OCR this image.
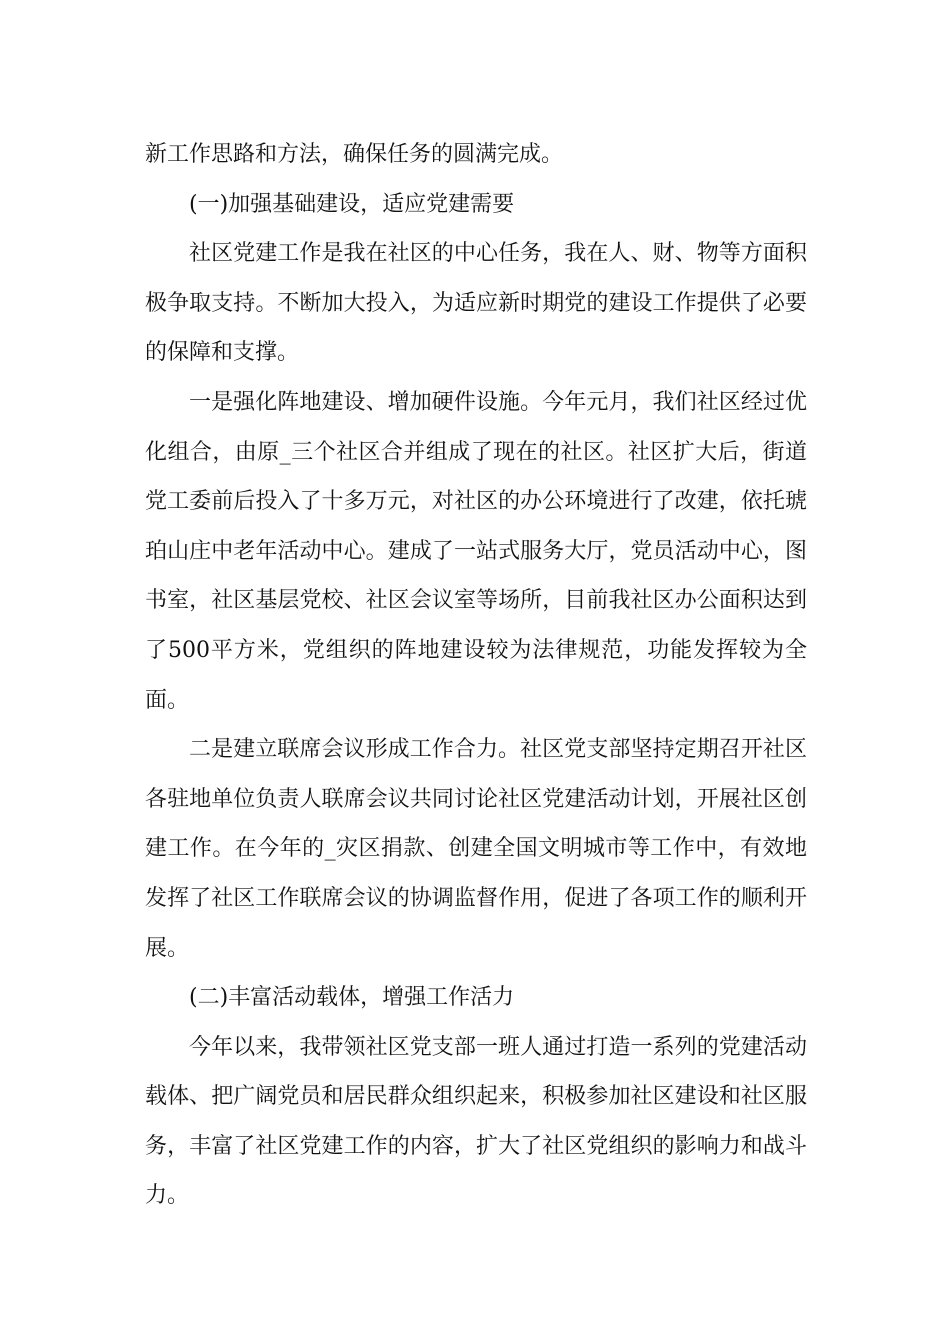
新工作思路和方法，确保任务的圆满完成。

(一)加强基础建设，适应党建需要

社区党建工作是我在社区的中心任务，我在人、财、物等方面积极争取支持。不断加大投入，为适应新时期党的建设工作提供了必要的保障和支撑。

一是强化阵地建设、增加硬件设施。今年元月，我们社区经过优化组合，由原_三个社区合并组成了现在的社区。社区扩大后，街道党工委前后投入了十多万元，对社区的办公环境进行了改建，依托琥珀山庄中老年活动中心。建成了一站式服务大厅，党员活动中心，图书室，社区基层党校、社区会议室等场所，目前我社区办公面积达到了500平方米，党组织的阵地建设较为法律规范，功能发挥较为全面。

二是建立联席会议形成工作合力。社区党支部坚持定期召开社区各驻地单位负责人联席会议共同讨论社区党建活动计划，开展社区创建工作。在今年的_灾区捐款、创建全国文明城市等工作中，有效地发挥了社区工作联席会议的协调监督作用，促进了各项工作的顺利开展。

(二)丰富活动载体，增强工作活力

今年以来，我带领社区党支部一班人通过打造一系列的党建活动载体、把广阔党员和居民群众组织起来，积极参加社区建设和社区服务，丰富了社区党建工作的内容，扩大了社区党组织的影响力和战斗力。
